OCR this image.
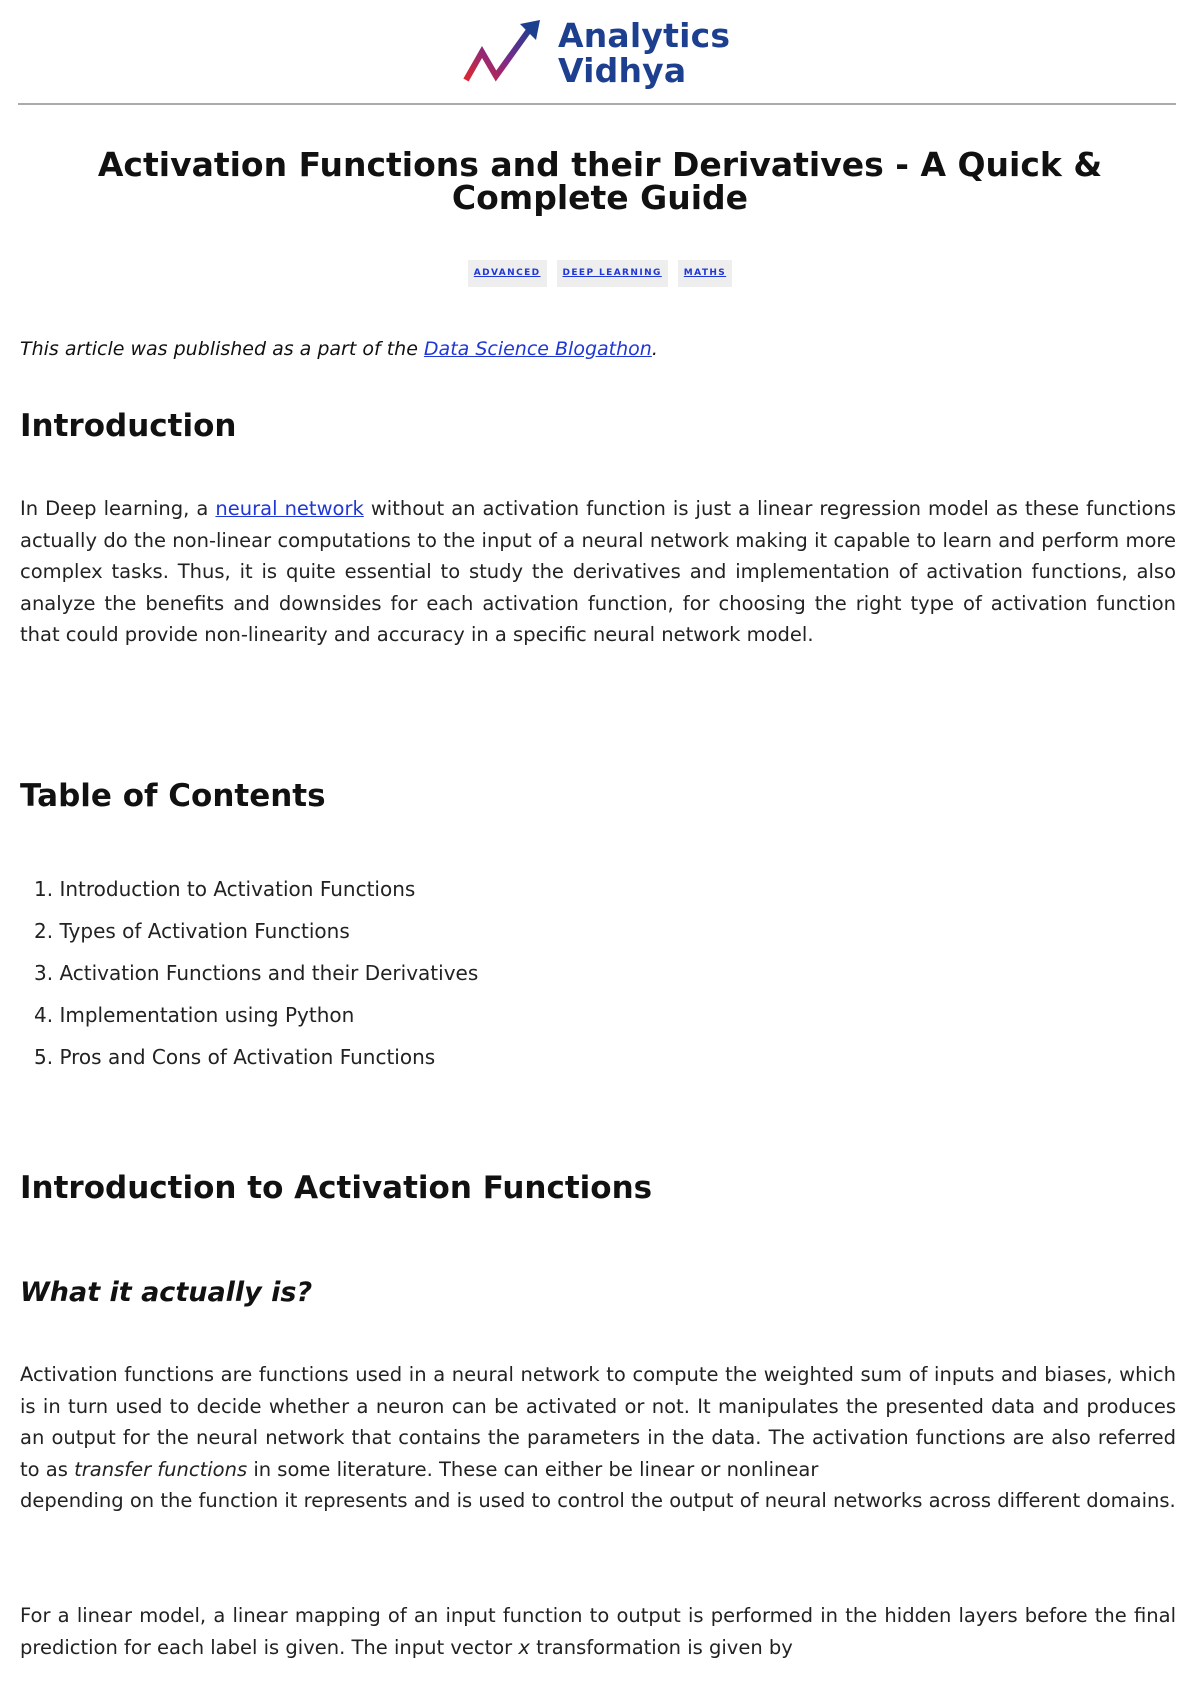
Analytics
Vidhya
Activation Functions and their Derivatives - A Quick & Complete Guide
ADVANCED	DEEP LEARNING	MATHS
This article was published as a part of the Data Science Blogathon.
Introduction

In Deep learning, a neural network without an activation function is just a linear regression model as these functions actually do the non-linear computations to the input of a neural network making it capable to learn and perform more complex tasks. Thus, it is quite essential to study the derivatives and implementation of activation functions, also analyze the benefits and downsides for each activation function, for choosing the right type of activation function that could provide non-linearity and accuracy in a specific neural network model.

Table of Contents
1. Introduction to Activation Functions
2. Types of Activation Functions
3. Activation Functions and their Derivatives
4. Implementation using Python
5. Pros and Cons of Activation Functions
Introduction to Activation Functions
What it actually is?

Activation functions are functions used in a neural network to compute the weighted sum of inputs and biases, which is in turn used to decide whether a neuron can be activated or not. It manipulates the presented data and produces an output for the neural network that contains the parameters in the data. The activation functions are also referred to as transfer functions in some literature. These can either be linear or nonlinear
depending on the function it represents and is used to control the output of neural networks across different domains.

For a linear model, a linear mapping of an input function to output is performed in the hidden layers before the final prediction for each label is given. The input vector x transformation is given by
